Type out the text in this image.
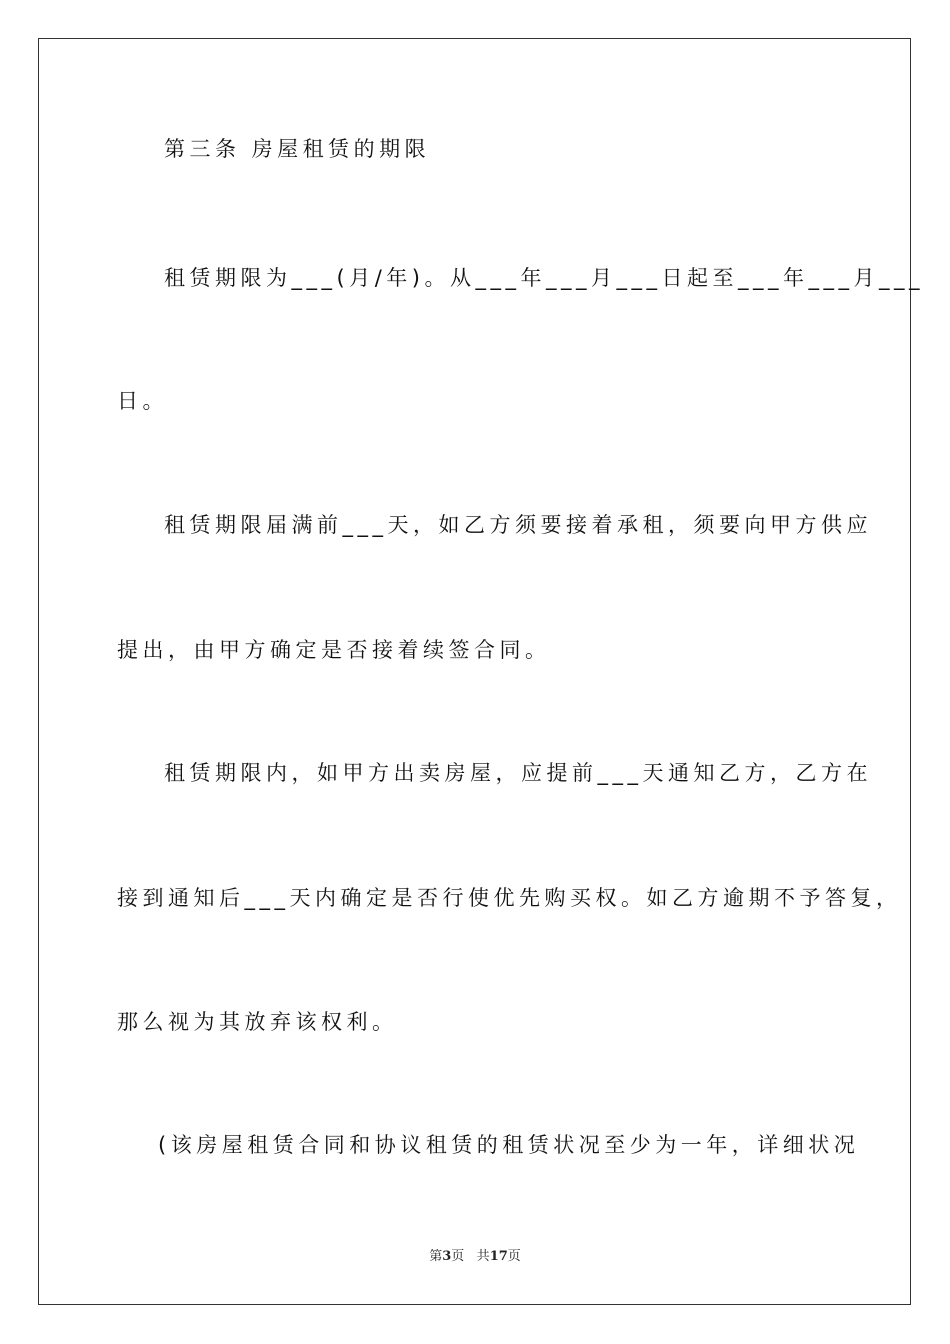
第三条 房屋租赁的期限
租赁期限为___(月/年)。从___年___月___日起至___年___月___
日。
租赁期限届满前___天，如乙方须要接着承租，须要向甲方供应
提出，由甲方确定是否接着续签合同。
租赁期限内，如甲方出卖房屋，应提前___天通知乙方，乙方在
接到通知后___天内确定是否行使优先购买权。如乙方逾期不予答复，
那么视为其放弃该权利。
(该房屋租赁合同和协议租赁的租赁状况至少为一年，详细状况
第3页 共17页
